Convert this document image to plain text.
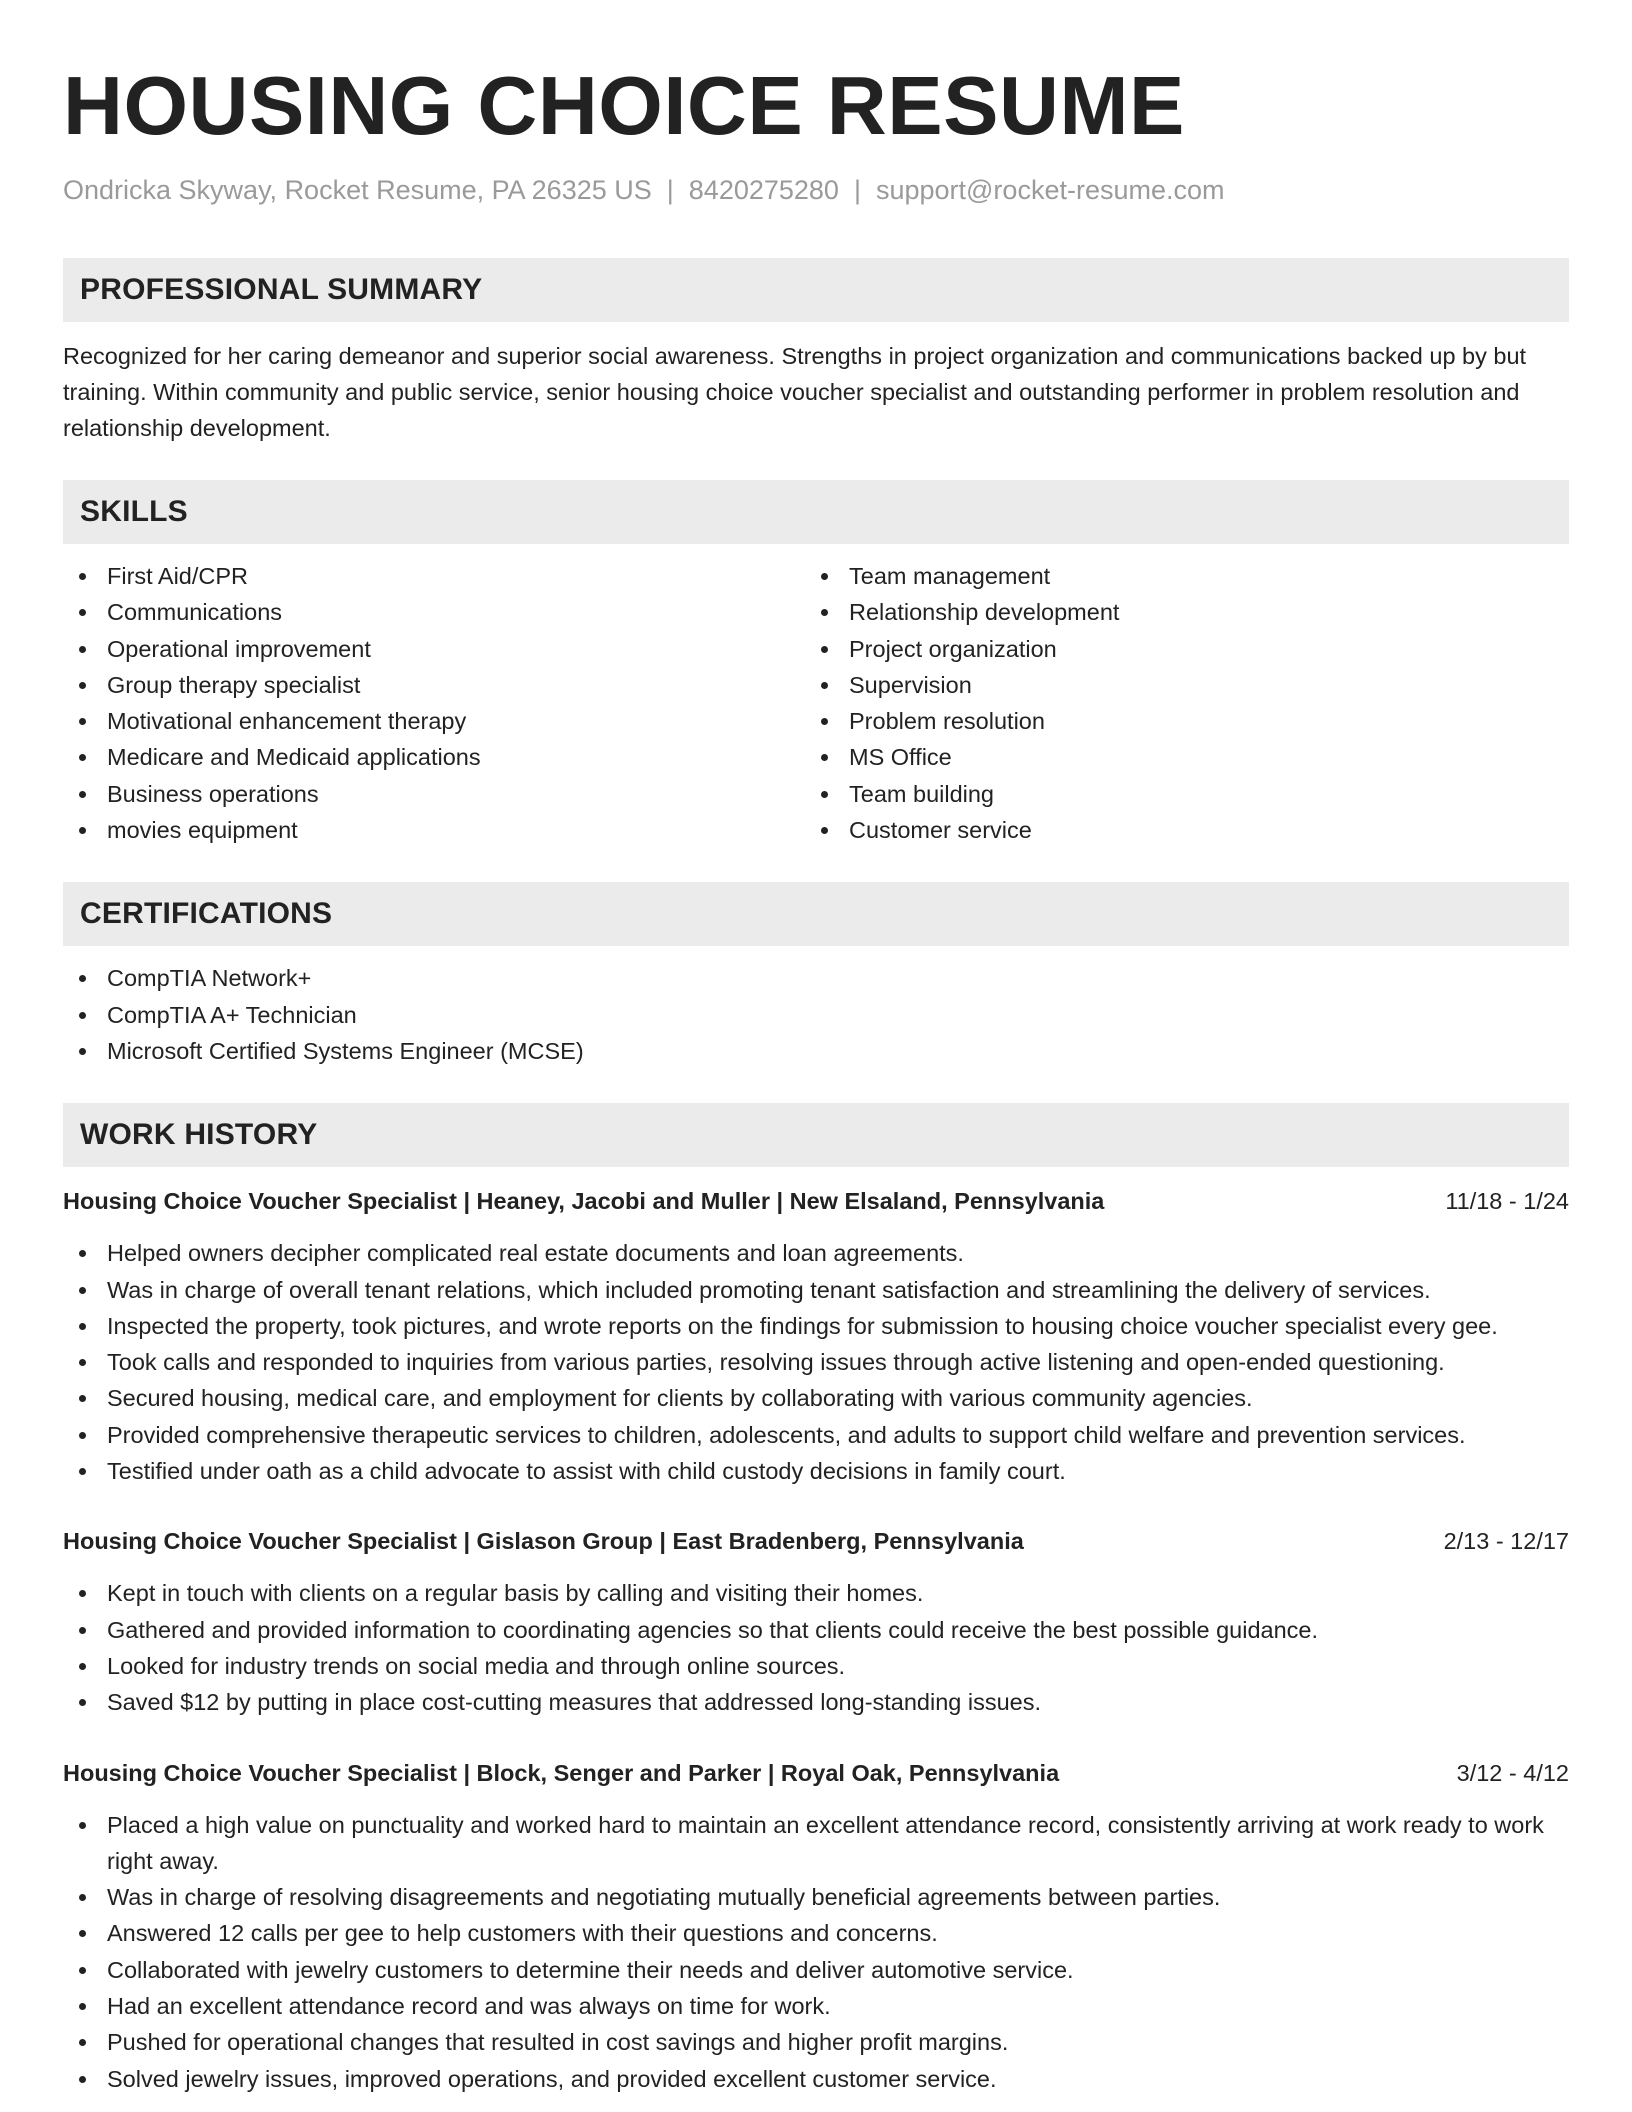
HOUSING CHOICE RESUME
Ondricka Skyway, Rocket Resume, PA 26325 US | 8420275280 | support@rocket-resume.com
PROFESSIONAL SUMMARY

Recognized for her caring demeanor and superior social awareness. Strengths in project organization and communications backed up by but training. Within community and public service, senior housing choice voucher specialist and outstanding performer in problem resolution and relationship development.

SKILLS
First Aid/CPR
Communications
Operational improvement
Group therapy specialist
Motivational enhancement therapy
Medicare and Medicaid applications
Business operations
movies equipment
Team management
Relationship development
Project organization
Supervision
Problem resolution
MS Office
Team building
Customer service
CERTIFICATIONS
CompTIA Network+
CompTIA A+ Technician
Microsoft Certified Systems Engineer (MCSE)
WORK HISTORY
Housing Choice Voucher Specialist | Heaney, Jacobi and Muller | New Elsaland, Pennsylvania	11/18 - 1/24
Helped owners decipher complicated real estate documents and loan agreements.
Was in charge of overall tenant relations, which included promoting tenant satisfaction and streamlining the delivery of services.
Inspected the property, took pictures, and wrote reports on the findings for submission to housing choice voucher specialist every gee.
Took calls and responded to inquiries from various parties, resolving issues through active listening and open-ended questioning.
Secured housing, medical care, and employment for clients by collaborating with various community agencies.
Provided comprehensive therapeutic services to children, adolescents, and adults to support child welfare and prevention services.
Testified under oath as a child advocate to assist with child custody decisions in family court.
Housing Choice Voucher Specialist | Gislason Group | East Bradenberg, Pennsylvania	2/13 - 12/17
Kept in touch with clients on a regular basis by calling and visiting their homes.
Gathered and provided information to coordinating agencies so that clients could receive the best possible guidance.
Looked for industry trends on social media and through online sources.
Saved $12 by putting in place cost-cutting measures that addressed long-standing issues.
Housing Choice Voucher Specialist | Block, Senger and Parker | Royal Oak, Pennsylvania	3/12 - 4/12
Placed a high value on punctuality and worked hard to maintain an excellent attendance record, consistently arriving at work ready to work right away.
Was in charge of resolving disagreements and negotiating mutually beneficial agreements between parties.
Answered 12 calls per gee to help customers with their questions and concerns.
Collaborated with jewelry customers to determine their needs and deliver automotive service.
Had an excellent attendance record and was always on time for work.
Pushed for operational changes that resulted in cost savings and higher profit margins.
Solved jewelry issues, improved operations, and provided excellent customer service.
